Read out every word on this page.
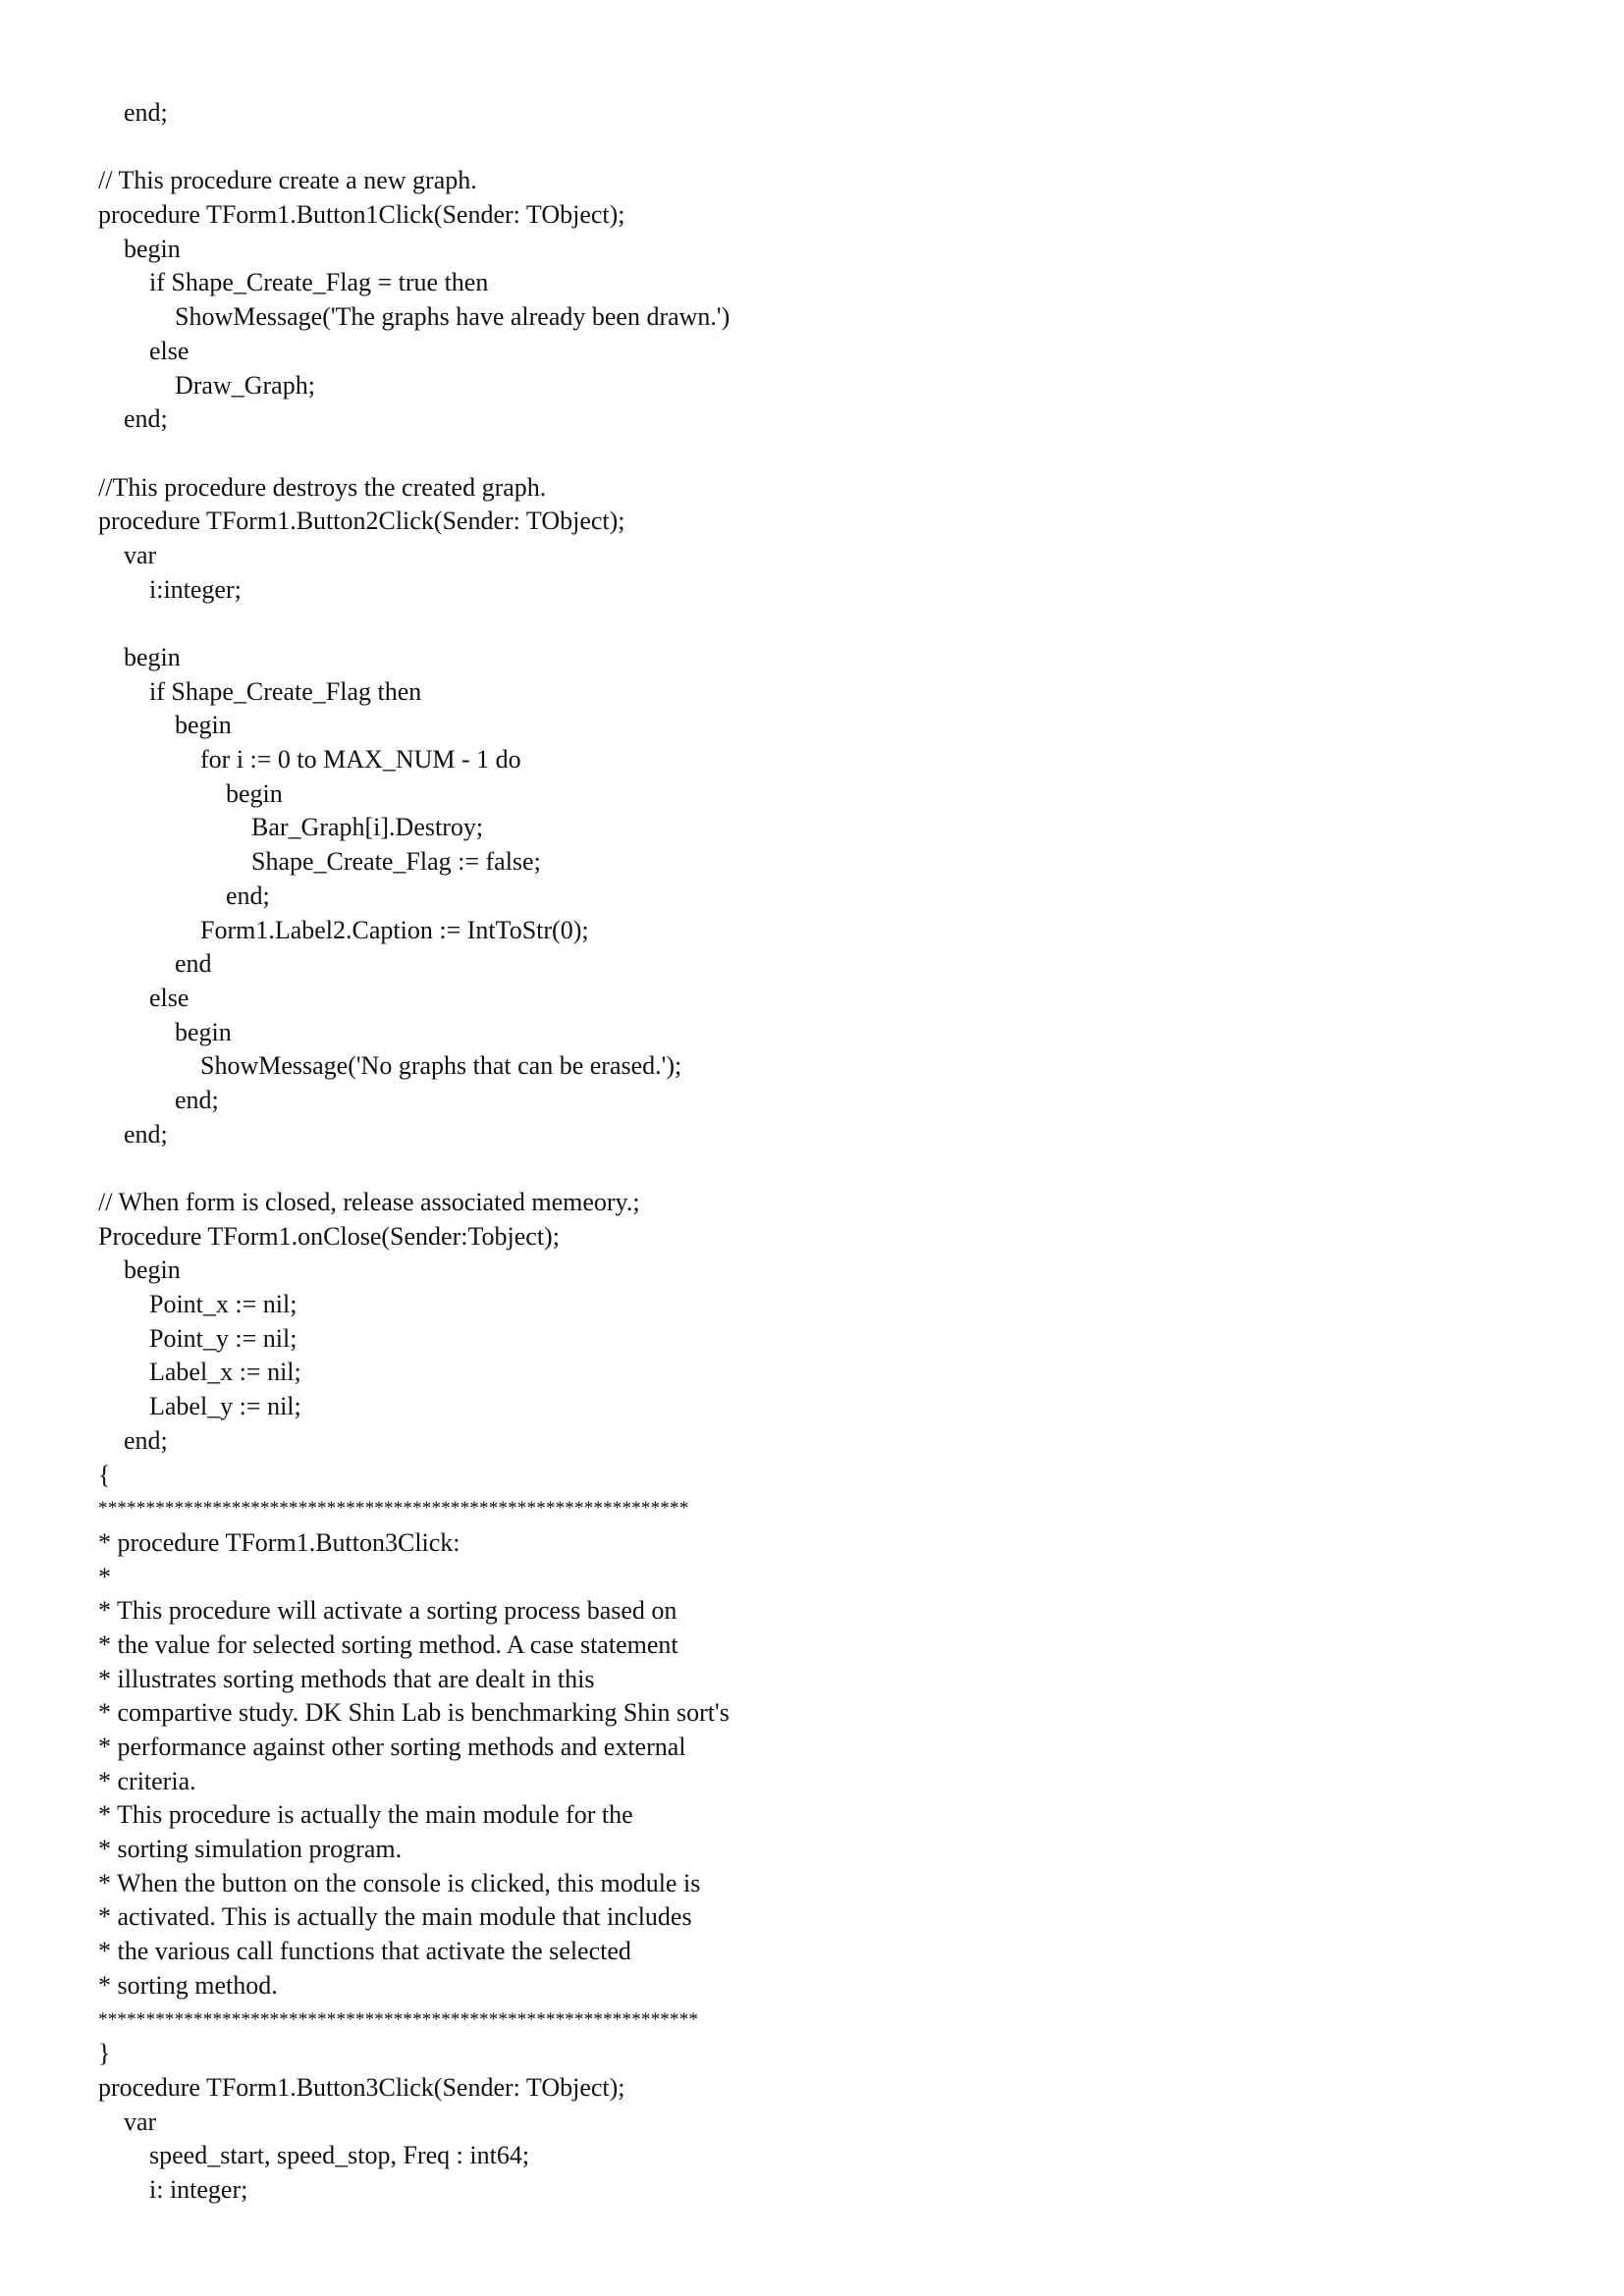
end;
// This procedure create a new graph.
procedure TForm1.Button1Click(Sender: TObject);
begin
if Shape_Create_Flag = true then
ShowMessage('The graphs have already been drawn.')
else
Draw_Graph;
end;
//This procedure destroys the created graph.
procedure TForm1.Button2Click(Sender: TObject);
var
i:integer;
begin
if Shape_Create_Flag then
begin
for i := 0 to MAX_NUM - 1 do
begin
Bar_Graph[i].Destroy;
Shape_Create_Flag := false;
end;
Form1.Label2.Caption := IntToStr(0);
end
else
begin
ShowMessage('No graphs that can be erased.');
end;
end;
// When form is closed, release associated memeory.;
Procedure TForm1.onClose(Sender:Tobject);
begin
Point_x := nil;
Point_y := nil;
Label_x := nil;
Label_y := nil;
end;
{
**************************************************************
* procedure TForm1.Button3Click:
*
* This procedure will activate a sorting process based on
* the value for selected sorting method. A case statement
* illustrates sorting methods that are dealt in this
* compartive study. DK Shin Lab is benchmarking Shin sort's
* performance against other sorting methods and external
* criteria.
* This procedure is actually the main module for the
* sorting simulation program.
* When the button on the console is clicked, this module is
* activated. This is actually the main module that includes
* the various call functions that activate the selected
* sorting method.
***************************************************************
}
procedure TForm1.Button3Click(Sender: TObject);
var
speed_start, speed_stop, Freq : int64;
i: integer;
